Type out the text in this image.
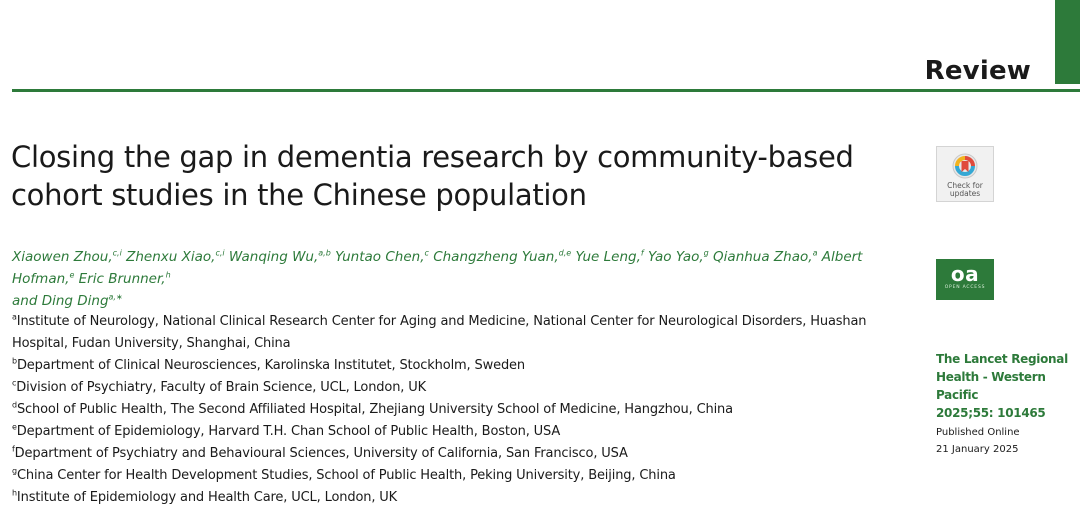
Review
Closing the gap in dementia research by community-based cohort studies in the Chinese population	Check for updates

Xiaowen Zhou,$^{c,i}$ Zhenxu Xiao,$^{c,i}$ Wanqing Wu,$^{a,b}$ Yuntao Chen,$^c$ Changzheng Yuan,$^{d,e}$ Yue Leng,$^f$ Yao Yao,$^g$ Qianhua Zhao,$^a$ Albert Hofman,$^e$ Eric Brunner,$^h$
and Ding Ding$^{a,∗}$

oa
OPEN ACCESS
$^a$Institute of Neurology, National Clinical Research Center for Aging and Medicine, National Center for Neurological Disorders, Huashan Hospital, Fudan University, Shanghai, China
$^b$Department of Clinical Neurosciences, Karolinska Institutet, Stockholm, Sweden
$^c$Division of Psychiatry, Faculty of Brain Science, UCL, London, UK
$^d$School of Public Health, The Second Affiliated Hospital, Zhejiang University School of Medicine, Hangzhou, China
$^e$Department of Epidemiology, Harvard T.H. Chan School of Public Health, Boston, USA
$^f$Department of Psychiatry and Behavioural Sciences, University of California, San Francisco, USA
$^g$China Center for Health Development Studies, School of Public Health, Peking University, Beijing, China
$^h$Institute of Epidemiology and Health Care, UCL, London, UK
The Lancet Regional Health - Western Pacific
2025;55: 101465
Published Online 21 January 2025
